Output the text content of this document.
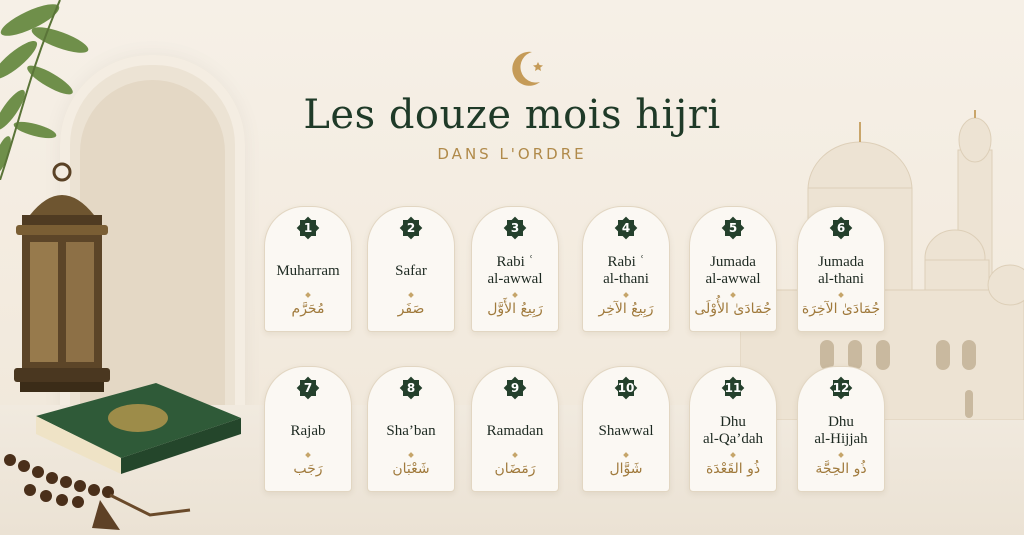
Les douze mois hijri
DANS L'ORDRE
1
Muharram
مُحَرَّم
2
Safar
صَفَر
3
Rabi ʿ
al-awwal
رَبِيعُ الأَوَّل
4
Rabi ʿ
al-thani
رَبِيعُ الآخِر
5
Jumada
al-awwal
جُمَادَىٰ الأُوْلَى
6
Jumada
al-thani
جُمَادَىٰ الآخِرَة
7
Rajab
رَجَب
8
Sha’ban
شَعْبَان
9
Ramadan
رَمَضَان
10
Shawwal
شَوَّال
11
Dhu
al-Qa’dah
ذُو القَعْدَة
12
Dhu
al-Hijjah
ذُو الحِجَّة
